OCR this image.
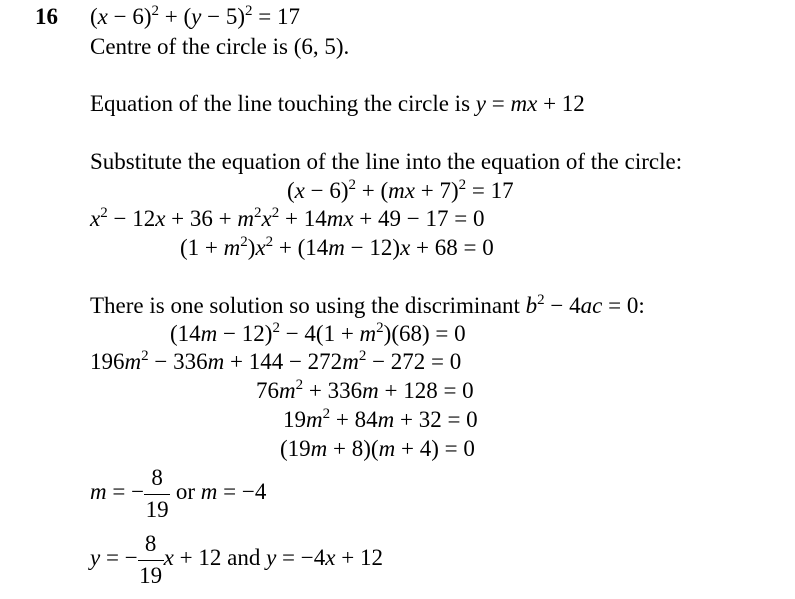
16 $(x - 6)^2 + (y - 5)^2 = 17$
Centre of the circle is (6, 5).
Equation of the line touching the circle is y = mx + 12
Substitute the equation of the line into the equation of the circle:
$(x - 6)^2 + (mx + 7)^2 = 17$
$x^2 - 12x + 36 + m^2x^2 + 14mx + 49 - 17 = 0$
$(1 + m^2)x^2 + (14m - 12)x + 68 = 0$
There is one solution so using the discriminant $b^2 - 4ac = 0$:
$(14m - 12)^2 - 4(1 + m^2)(68) = 0$
$196m^2 - 336m + 144 - 272m^2 - 272 = 0$
$76m^2 + 336m + 128 = 0$
$19m^2 + 84m + 32 = 0$
(19m + 8)(m + 4) = 0
m = − $\frac{8}{19}$ or m = −4
y = − $\frac{8}{19}$ x + 12 and y = −4x + 12
